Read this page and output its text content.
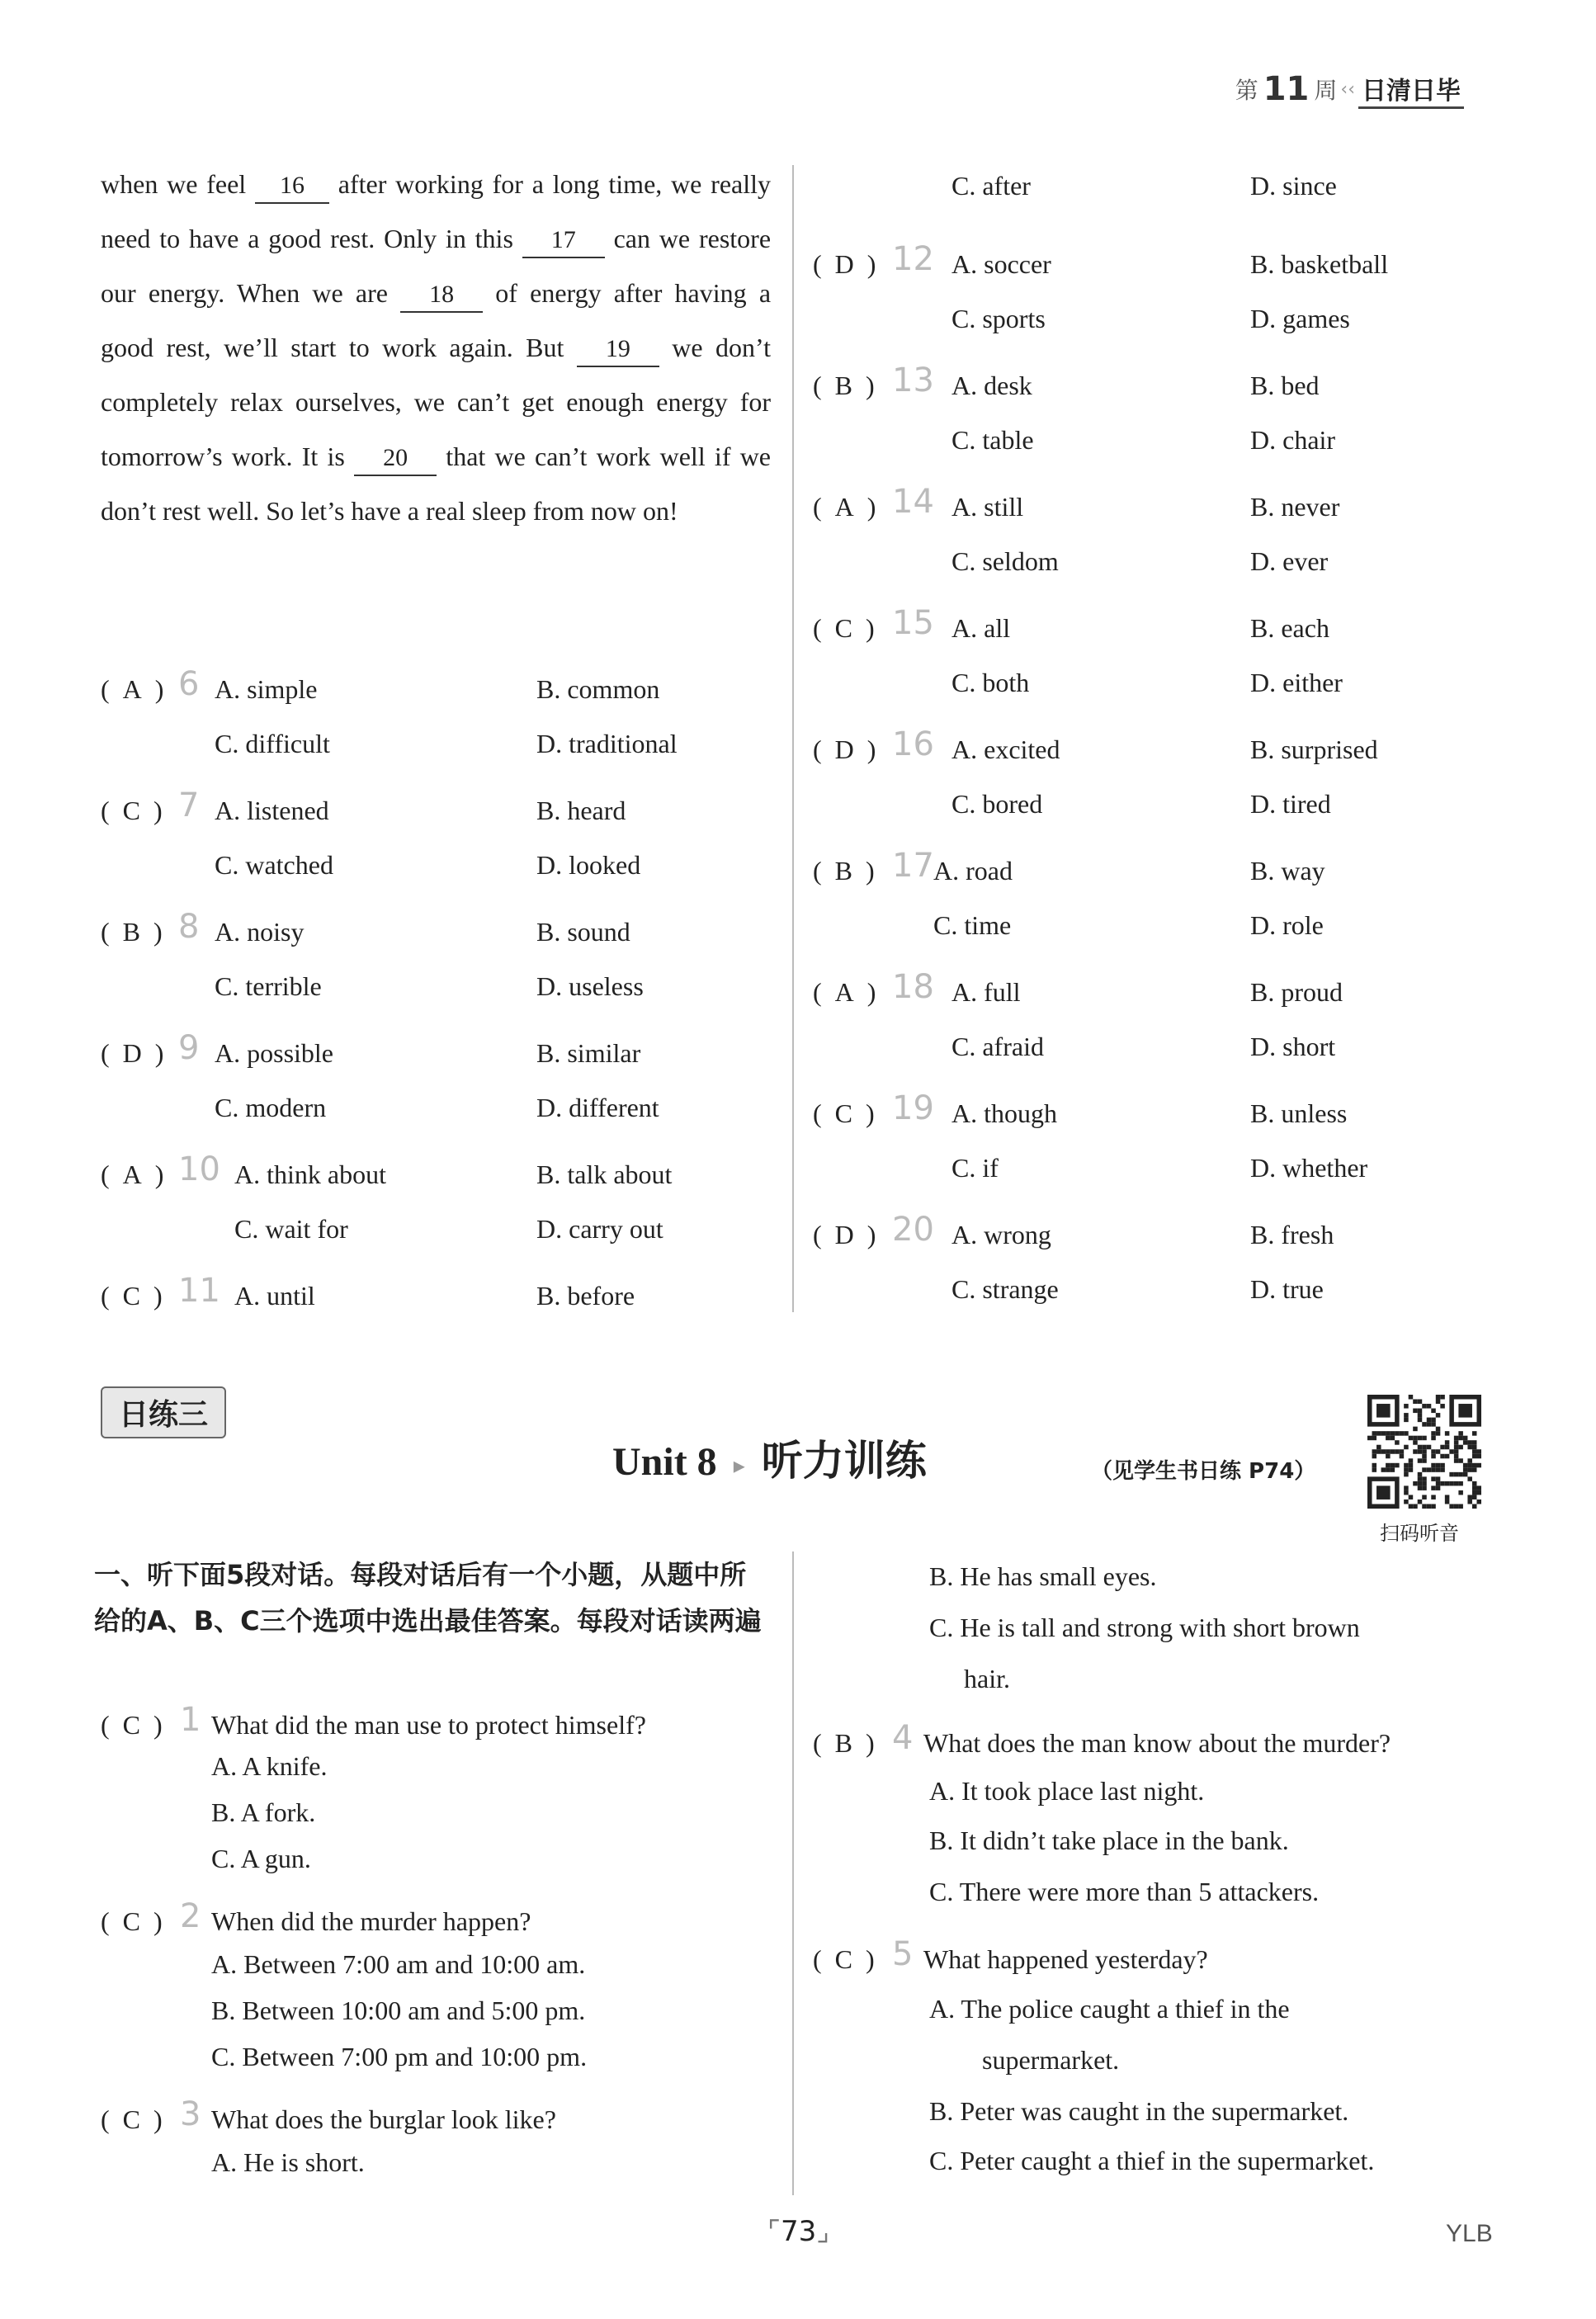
第 11 周 ‹‹ 日清日毕

when we feel 16 after working for a long time, we really need to have a good rest. Only in this 17 can we restore our energy. When we are 18 of energy after having a good rest, we’ll start to work again. But 19 we don’t completely relax ourselves, we can’t get enough energy for tomorrow’s work. It is 20 that we can’t work well if we don’t rest well. So let’s have a real sleep from now on!

(  A  ) 6 A. simple	B. common
C. difficult	D. traditional
(  C  ) 7 A. listened	B. heard
C. watched	D. looked
(  B  ) 8 A. noisy	B. sound
C. terrible	D. useless
(  D  ) 9 A. possible	B. similar
C. modern	D. different
(  A  ) 10 A. think about	B. talk about
C. wait for	D. carry out
(  C  ) 11 A. until	B. before
C. after	D. since
(  D  ) 12 A. soccer	B. basketball
C. sports	D. games
(  B  ) 13 A. desk	B. bed
C. table	D. chair
(  A  ) 14 A. still	B. never
C. seldom	D. ever
(  C  ) 15 A. all	B. each
C. both	D. either
(  D  ) 16 A. excited	B. surprised
C. bored	D. tired
(  B  ) 17 A. road	B. way
C. time	D. role
(  A  ) 18 A. full	B. proud
C. afraid	D. short
(  C  ) 19 A. though	B. unless
C. if	D. whether
(  D  ) 20 A. wrong	B. fresh
C. strange	D. true
日练三
Unit 8 ▸ 听力训练	（见学生书日练 P74）
扫码听音
一、听下面5段对话。每段对话后有一个小题，从题中所给的A、B、C三个选项中选出最佳答案。每段对话读两遍
(  C  ) 1 What did the man use to protect himself?
A. A knife.
B. A fork.
C. A gun.
(  C  ) 2 When did the murder happen?
A. Between 7:00 am and 10:00 am.
B. Between 10:00 am and 5:00 pm.
C. Between 7:00 pm and 10:00 pm.
(  C  ) 3 What does the burglar look like?
A. He is short.
B. He has small eyes.
C. He is tall and strong with short brown
hair.
(  B  ) 4 What does the man know about the murder?
A. It took place last night.
B. It didn’t take place in the bank.
C. There were more than 5 attackers.
(  C  ) 5 What happened yesterday?
A. The police caught a thief in the
supermarket.
B. Peter was caught in the supermarket.
C. Peter caught a thief in the supermarket.
⌜73⌟	YLB
